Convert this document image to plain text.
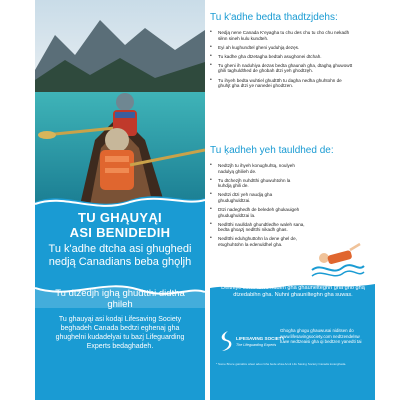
TU GHĄUYĄI
ASI BENIDEDIH
Tu k'adhe dtcha asi ghughedi nedją Canadians beba ghǫljh
Tu dtzedjh ighą ghudtthi didtha ghileh
Tu ghauyąi asi kodąi Lifesaving Society beghadeh Canada bedtzi eghenaj gha ghughelni kudadelyai tu bazj Lifeguarding Experts bedaghadeh.
Tu k'adhe bedta thadtzjdehs:
• Nedją nene Canada K'eyagha tu chu des chu tu cho chu nekadh siłnn sineh kulu kundteh.
• Eyi ah kughundtel gheni yuduhją dezęs.
• Tu kadhe gha dtzetagha bedtah asughonei dtchah.
• Tu gheni ih naduhiya dezas bedta ghaunah gha, dtaghą ghuwowtt ghili taghuldthed de ghobah dtzi yeh ghodtzęh.
• Tu ihyeh bedta wuhtiel ghudttth tu dagha nedha ghuhtohn de ghuhjt gha dtzi ye nanedei ghodtzen.
Tu ķadheh yeh tauldhed de:
• Nedtzjh tu ihyeh konughuhtą, noulyeh nadulyą ghilieh de.
• Tu dtchezjh nuhdtthi ghuwuhtohn la kuhdją ghili de.
• Nedtzi dtzi yeh naudją gha ghudughuldtzai.
• Dtzi nadeghedh de beledeh ghukauigeh ghudughuldtzai la.
• Nedltthi naulldah ghundtledhe waleh sana, bedta ghoązj nedltthi nikadh ghas.
• Nedltthi eduhghuttohn la dene ghel de, etughuhtohn la edenuldhel gha.
Delthiye selwi tuwe nadeh gha ghaunelteghn gha gho ghą dtzedabihn gha. Nuhni ghaunilteghn gha suwas.
LIFESAVING SOCIETY
The Lifeguarding Experts
Ghogha ghogu ghauwusai niditsen do www.lifesavingsociety.com nedtzendelsw tuwe nedtzeaisi gha qi bedtzen yanedti tai
* Some Bruce gainalize wleet adeu Gha bede ahsa Acuti Life Saving Society Canada locanghada.
